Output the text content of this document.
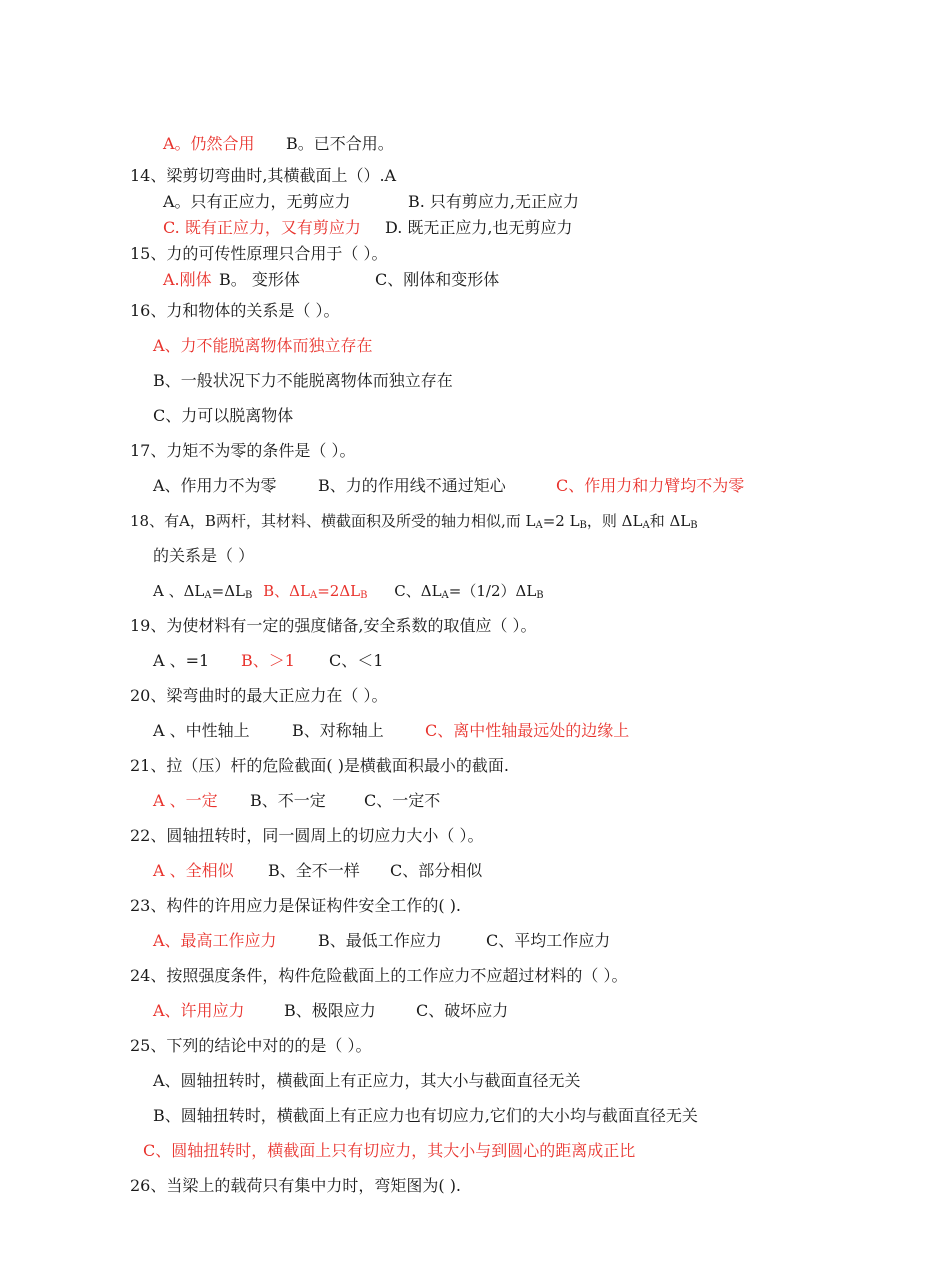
A。仍然合用 B。已不合用。
14、梁剪切弯曲时,其横截面上（）.A
A。只有正应力，无剪应力	B. 只有剪应力,无正应力
C. 既有正应力，又有剪应力 D. 既无正应力,也无剪应力
15、力的可传性原理只合用于（ ）。
A.刚体 B。 变形体	C、刚体和变形体
16、力和物体的关系是（ ）。
A、力不能脱离物体而独立存在
B、一般状况下力不能脱离物体而独立存在
C、力可以脱离物体
17、力矩不为零的条件是（ ）。
A、作用力不为零	B、力的作用线不通过矩心	C、作用力和力臂均不为零
18、有A，B两杆，其材料、横截面积及所受的轴力相似,而 $L_A=2$ $L_B$，则 $\Delta L_A$和 $\Delta L_B$
的关系是（ ）
A 、$\Delta L_A=\Delta L_B$ B、$\Delta L_A=2\Delta L_B$ C、$\Delta L_A=(1/2)\Delta L_B$
19、为使材料有一定的强度储备,安全系数的取值应（ ）。
A 、=1 B、＞1 C、＜1
20、梁弯曲时的最大正应力在（ ）。
A 、中性轴上	B、对称轴上	C、离中性轴最远处的边缘上
21、拉（压）杆的危险截面( )是横截面积最小的截面.
A 、一定 B、不一定 C、一定不
22、圆轴扭转时，同一圆周上的切应力大小（ ）。
A 、全相似 B、全不一样 C、部分相似
23、构件的许用应力是保证构件安全工作的( ).
A、最高工作应力	B、最低工作应力	C、平均工作应力
24、按照强度条件，构件危险截面上的工作应力不应超过材料的（ ）。
A、许用应力 B、极限应力	C、破坏应力
25、下列的结论中对的的是（ ）。
A、圆轴扭转时，横截面上有正应力，其大小与截面直径无关
B、圆轴扭转时，横截面上有正应力也有切应力,它们的大小均与截面直径无关
C、圆轴扭转时，横截面上只有切应力，其大小与到圆心的距离成正比
26、当梁上的载荷只有集中力时，弯矩图为( ).
